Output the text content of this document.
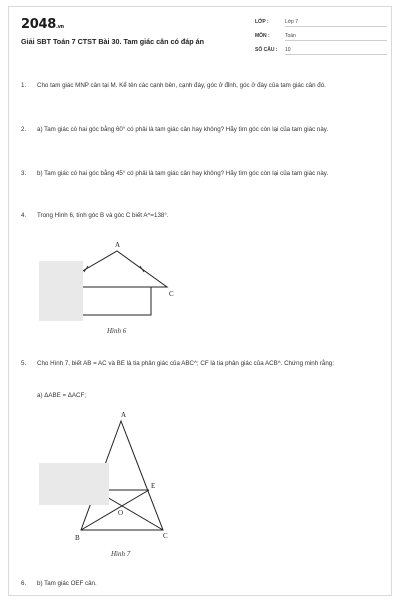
2048.vn
Giải SBT Toán 7 CTST Bài 30. Tam giác cân có đáp án
LỚP :	Lớp 7
MÔN :	Toán
SỐ CÂU : 10
1. Cho tam giác MNP cân tại M. Kể tên các cạnh bên, cạnh đáy, góc ở đỉnh, góc ở đáy của tam giác cân đó.
2. a) Tam giác có hai góc bằng 60° có phải là tam giác cân hay không? Hãy tìm góc còn lại của tam giác này.
3. b) Tam giác có hai góc bằng 45° có phải là tam giác cân hay không? Hãy tìm góc còn lại của tam giác này.
4. Trong Hình 6, tính góc B và góc C biết A^=138°.
A
C
Hình 6
5. Cho Hình 7, biết AB = AC và BE là tia phân giác của ABC^; CF là tia phân giác của ACB^. Chứng minh rằng:
a) ΔABE = ΔACF;
A
B	C
E
O
Hình 7
6. b) Tam giác OEF cân.
